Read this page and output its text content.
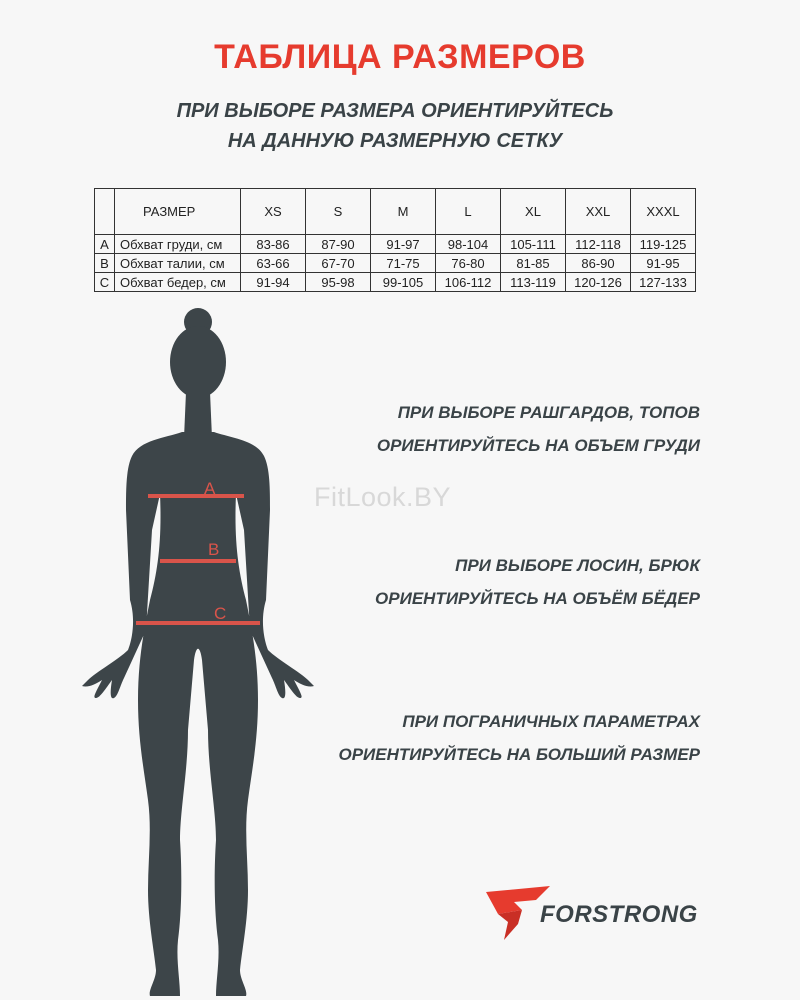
ТАБЛИЦА РАЗМЕРОВ
ПРИ ВЫБОРЕ РАЗМЕРА ОРИЕНТИРУЙТЕСЬ
НА ДАННУЮ РАЗМЕРНУЮ СЕТКУ
	РАЗМЕР	XS	S	M	L	XL	XXL	XXXL
A	Обхват груди, см	83-86	87-90	91-97	98-104	105-111	112-118	119-125
B	Обхват талии, см	63-66	67-70	71-75	76-80	81-85	86-90	91-95
C	Обхват бедер, см	91-94	95-98	99-105	106-112	113-119	120-126	127-133
A
B
C
FitLook.BY
ПРИ ВЫБОРЕ РАШГАРДОВ, ТОПОВ
ОРИЕНТИРУЙТЕСЬ НА ОБЪЕМ ГРУДИ
ПРИ ВЫБОРЕ ЛОСИН, БРЮК
ОРИЕНТИРУЙТЕСЬ НА ОБЪЁМ БЁДЕР
ПРИ ПОГРАНИЧНЫХ ПАРАМЕТРАХ
ОРИЕНТИРУЙТЕСЬ НА БОЛЬШИЙ РАЗМЕР
FORSTRONG
